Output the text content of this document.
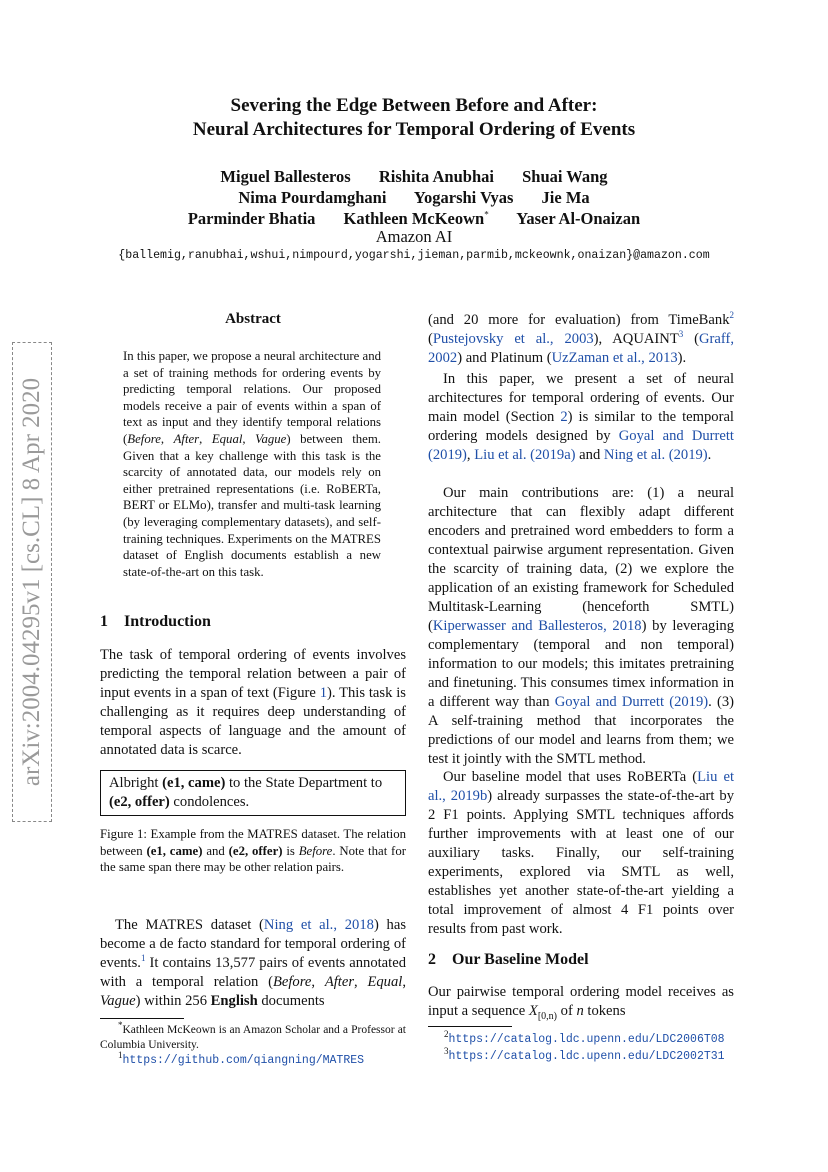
Severing the Edge Between Before and After:
Neural Architectures for Temporal Ordering of Events
Miguel Ballesteros Rishita Anubhai Shuai Wang
Nima Pourdamghani Yogarshi Vyas Jie Ma
Parminder Bhatia Kathleen McKeown* Yaser Al-Onaizan
Amazon AI
{ballemig,ranubhai,wshui,nimpourd,yogarshi,jieman,parmib,mckeownk,onaizan}@amazon.com
arXiv:2004.04295v1 [cs.CL] 8 Apr 2020
Abstract
In this paper, we propose a neural architecture and a set of training methods for ordering events by predicting temporal relations. Our proposed models receive a pair of events within a span of text as input and they identify temporal relations (Before, After, Equal, Vague) between them. Given that a key challenge with this task is the scarcity of annotated data, our models rely on either pretrained representations (i.e. RoBERTa, BERT or ELMo), transfer and multi-task learning (by leveraging complementary datasets), and self-training techniques. Experiments on the MATRES dataset of English documents establish a new state-of-the-art on this task.
1 Introduction
The task of temporal ordering of events involves predicting the temporal relation between a pair of input events in a span of text (Figure 1). This task is challenging as it requires deep understanding of temporal aspects of language and the amount of annotated data is scarce.
Albright (e1, came) to the State Department to (e2, offer) condolences.
Figure 1: Example from the MATRES dataset. The relation between (e1, came) and (e2, offer) is Before. Note that for the same span there may be other relation pairs.
The MATRES dataset (Ning et al., 2018) has become a de facto standard for temporal ordering of events.$^1$ It contains 13,577 pairs of events annotated with a temporal relation (Before, After, Equal, Vague) within 256 English documents
*Kathleen McKeown is an Amazon Scholar and a Professor at Columbia University.
$^1$https://github.com/qiangning/MATRES
(and 20 more for evaluation) from TimeBank$^2$ (Pustejovsky et al., 2003), AQUAINT$^3$ (Graff, 2002) and Platinum (UzZaman et al., 2013).
In this paper, we present a set of neural architectures for temporal ordering of events. Our main model (Section 2) is similar to the temporal ordering models designed by Goyal and Durrett (2019), Liu et al. (2019a) and Ning et al. (2019).
Our main contributions are: (1) a neural architecture that can flexibly adapt different encoders and pretrained word embedders to form a contextual pairwise argument representation. Given the scarcity of training data, (2) we explore the application of an existing framework for Scheduled Multitask-Learning (henceforth SMTL) (Kiperwasser and Ballesteros, 2018) by leveraging complementary (temporal and non temporal) information to our models; this imitates pretraining and finetuning. This consumes timex information in a different way than Goyal and Durrett (2019). (3) A self-training method that incorporates the predictions of our model and learns from them; we test it jointly with the SMTL method.
Our baseline model that uses RoBERTa (Liu et al., 2019b) already surpasses the state-of-the-art by 2 F1 points. Applying SMTL techniques affords further improvements with at least one of our auxiliary tasks. Finally, our self-training experiments, explored via SMTL as well, establishes yet another state-of-the-art yielding a total improvement of almost 4 F1 points over results from past work.
2 Our Baseline Model
Our pairwise temporal ordering model receives as input a sequence $X_{[0,n)}$ of n tokens
$^2$https://catalog.ldc.upenn.edu/LDC2006T08
$^3$https://catalog.ldc.upenn.edu/LDC2002T31
